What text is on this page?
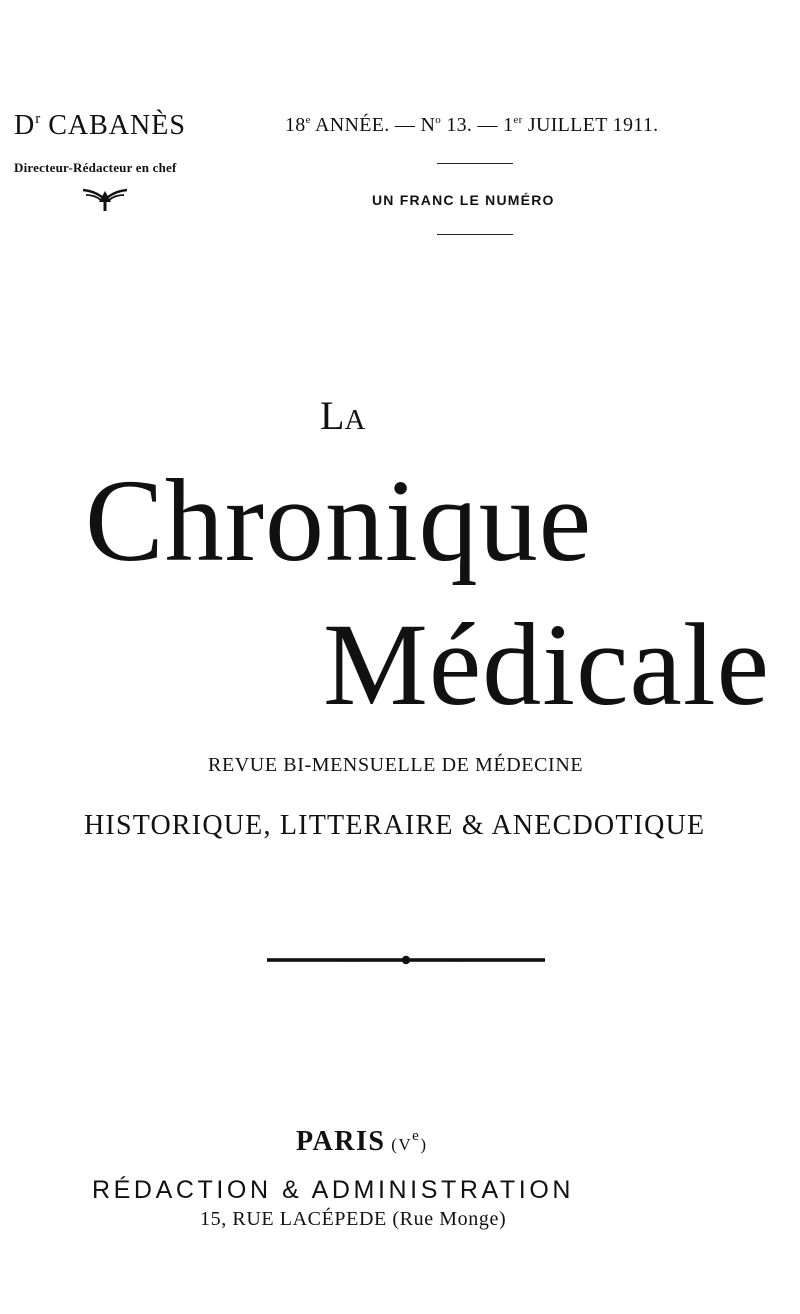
$D^r$ CABANÈS
Directeur-Rédacteur en chef
18e ANNÉE. — $N^o$ 13. — 1er JUILLET 1911.
UN FRANC LE NUMÉRO
LA
Chronique
Médicale
REVUE BI-MENSUELLE DE MÉDECINE
HISTORIQUE, LITTERAIRE & ANECDOTIQUE
PARIS (Ve)
RÉDACTION & ADMINISTRATION
15, RUE LACÉPEDE (Rue Monge)
